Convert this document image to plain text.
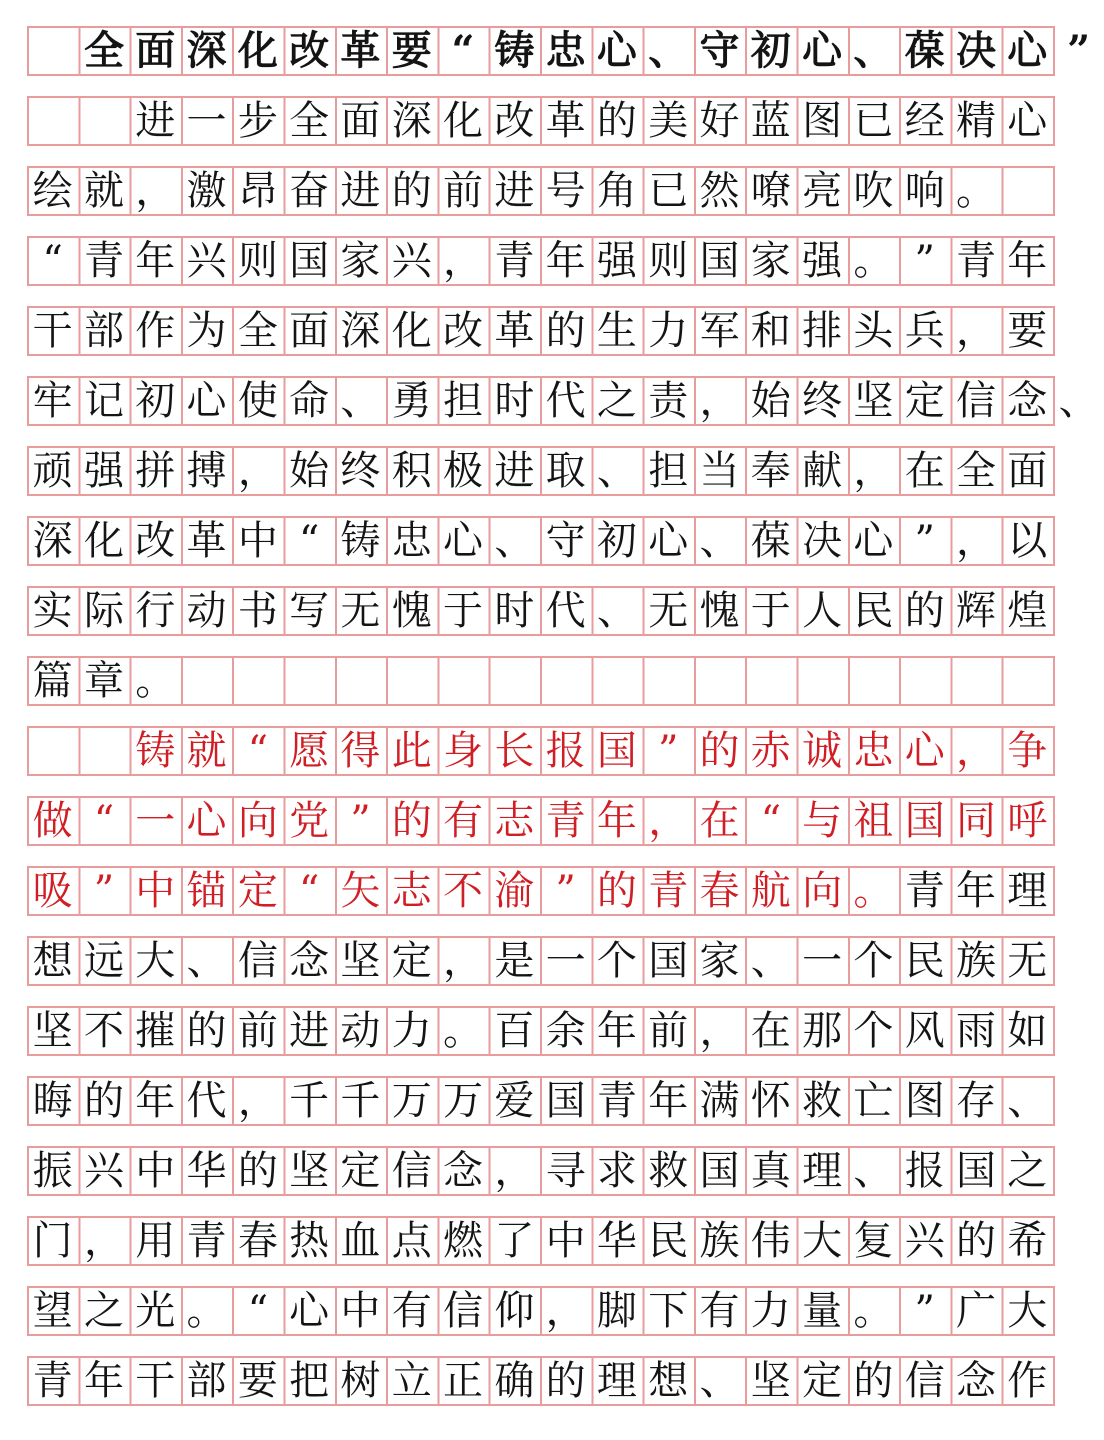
全 面 深 化 改 革 要 “ 铸 忠 心 、 守 初 心 、 葆 决 心 ”
进 一 步 全 面 深 化 改 革 的 美 好 蓝 图 已 经 精 心
绘 就 ， 激 昂 奋 进 的 前 进 号 角 已 然 嘹 亮 吹 响 。
“ 青 年 兴 则 国 家 兴 ， 青 年 强 则 国 家 强 。 ” 青 年
干 部 作 为 全 面 深 化 改 革 的 生 力 军 和 排 头 兵 ， 要
牢 记 初 心 使 命 、 勇 担 时 代 之 责 ， 始 终 坚 定 信 念 、
顽 强 拼 搏 ， 始 终 积 极 进 取 、 担 当 奉 献 ， 在 全 面
深 化 改 革 中 “ 铸 忠 心 、 守 初 心 、 葆 决 心 ” ， 以
实 际 行 动 书 写 无 愧 于 时 代 、 无 愧 于 人 民 的 辉 煌
篇 章 。
铸 就 “ 愿 得 此 身 长 报 国 ” 的 赤 诚 忠 心 ， 争
做 “ 一 心 向 党 ” 的 有 志 青 年 ， 在 “ 与 祖 国 同 呼
吸 ” 中 锚 定 “ 矢 志 不 渝 ” 的 青 春 航 向 。 青 年 理
想 远 大 、 信 念 坚 定 ， 是 一 个 国 家 、 一 个 民 族 无
坚 不 摧 的 前 进 动 力 。 百 余 年 前 ， 在 那 个 风 雨 如
晦 的 年 代 ， 千 千 万 万 爱 国 青 年 满 怀 救 亡 图 存 、
振 兴 中 华 的 坚 定 信 念 ， 寻 求 救 国 真 理 、 报 国 之
门 ， 用 青 春 热 血 点 燃 了 中 华 民 族 伟 大 复 兴 的 希
望 之 光 。 “ 心 中 有 信 仰 ， 脚 下 有 力 量 。 ” 广 大
青 年 干 部 要 把 树 立 正 确 的 理 想 、 坚 定 的 信 念 作
